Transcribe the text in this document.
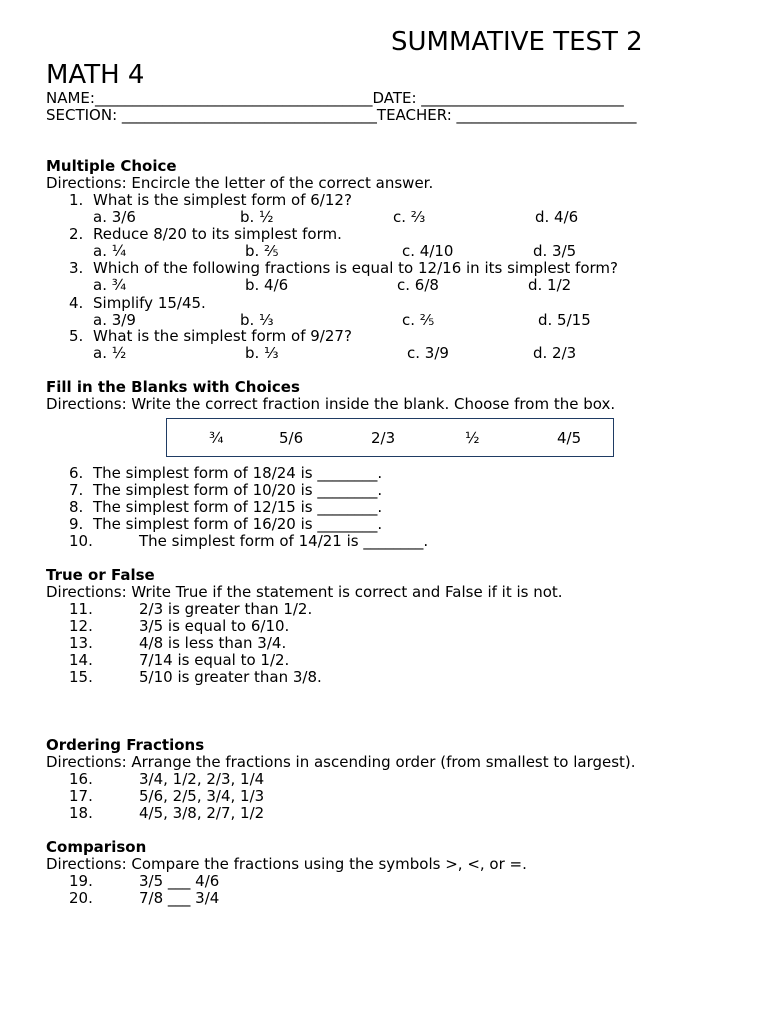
SUMMATIVE TEST 2
MATH 4
NAME:_____________________________________DATE: ___________________________
SECTION: __________________________________TEACHER: ________________________
Multiple Choice
Directions: Encircle the letter of the correct answer.
1. What is the simplest form of 6/12?
a. 3/6	b. ½	c. ⅔	d. 4/6
2. Reduce 8/20 to its simplest form.
a. ¼	b. ⅖	c. 4/10	d. 3/5
3. Which of the following fractions is equal to 12/16 in its simplest form?
a. ¾	b. 4/6	c. 6/8	d. 1/2
4. Simplify 15/45.
a. 3/9	b. ⅓	c. ⅖	d. 5/15
5. What is the simplest form of 9/27?
a. ½	b. ⅓	c. 3/9	d. 2/3
Fill in the Blanks with Choices
Directions: Write the correct fraction inside the blank. Choose from the box.
¾	5/6	2/3	½	4/5
6. The simplest form of 18/24 is ________.
7. The simplest form of 10/20 is ________.
8. The simplest form of 12/15 is ________.
9. The simplest form of 16/20 is ________.
10.	The simplest form of 14/21 is ________.
True or False
Directions: Write True if the statement is correct and False if it is not.
11.	2/3 is greater than 1/2.
12.	3/5 is equal to 6/10.
13.	4/8 is less than 3/4.
14.	7/14 is equal to 1/2.
15.	5/10 is greater than 3/8.
Ordering Fractions
Directions: Arrange the fractions in ascending order (from smallest to largest).
16.	3/4, 1/2, 2/3, 1/4
17.	5/6, 2/5, 3/4, 1/3
18.	4/5, 3/8, 2/7, 1/2
Comparison
Directions: Compare the fractions using the symbols >, <, or =.
19.	3/5 ___ 4/6
20.	7/8 ___ 3/4
